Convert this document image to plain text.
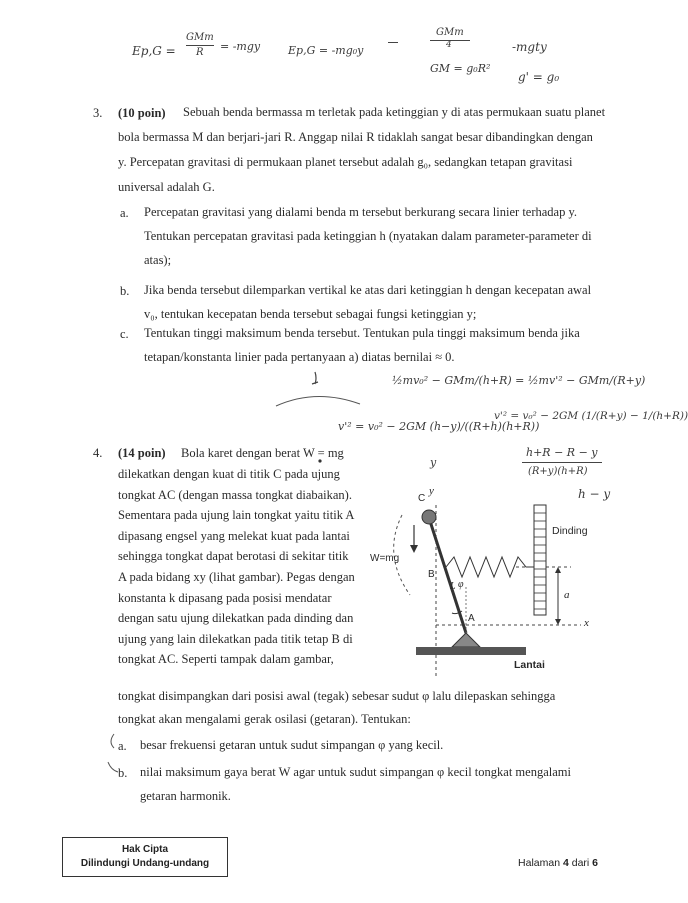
Ep,G =
GMm
R = -mgy	Ep,G = -mg₀y
GMm
4	-mgty
GM = g₀R²
g' = g₀
3. (10 poin) Sebuah benda bermassa m terletak pada ketinggian y di atas permukaan suatu planet
bola bermassa M dan berjari-jari R. Anggap nilai R tidaklah sangat besar dibandingkan dengan
y. Percepatan gravitasi di permukaan planet tersebut adalah g₀, sedangkan tetapan gravitasi
universal adalah G.
a. Percepatan gravitasi yang dialami benda m tersebut berkurang secara linier terhadap y.
Tentukan percepatan gravitasi pada ketinggian h (nyatakan dalam parameter-parameter di
atas);
b. Jika benda tersebut dilemparkan vertikal ke atas dari ketinggian h dengan kecepatan awal
v₀, tentukan kecepatan benda tersebut sebagai fungsi ketinggian y;
c. Tentukan tinggi maksimum benda tersebut. Tentukan pula tinggi maksimum benda jika
tetapan/konstanta linier pada pertanyaan a) diatas bernilai ≈ 0.
½mv₀² − GMm/(h+R) = ½mv'² − GMm/(R+y)
v'² = v₀² − 2GM (h−y)/((R+h)(h+R))
v'² = v₀² − 2GM (1/(R+y) − 1/(h+R))
h+R − R − y
(R+y)(h+R)
h − y
y
4. (14 poin) Bola karet dengan berat W = mg
dilekatkan dengan kuat di titik C pada ujung
tongkat AC (dengan massa tongkat diabaikan).
Sementara pada ujung lain tongkat yaitu titik A
dipasang engsel yang melekat kuat pada lantai
sehingga tongkat dapat berotasi di sekitar titik
A pada bidang xy (lihat gambar). Pegas dengan
konstanta k dipasang pada posisi mendatar
dengan satu ujung dilekatkan pada dinding dan
ujung yang lain dilekatkan pada titik tetap B di
tongkat AC. Seperti tampak dalam gambar,
tongkat disimpangkan dari posisi awal (tegak) sebesar sudut φ lalu dilepaskan sehingga
tongkat akan mengalami gerak osilasi (getaran). Tentukan:
a. besar frekuensi getaran untuk sudut simpangan φ yang kecil.
b. nilai maksimum gaya berat W agar untuk sudut simpangan φ kecil tongkat mengalami
getaran harmonik.
W=mg
C
B
A
L φ
a
x
y
Dinding
Lantai
Hak Cipta
Dilindungi Undang-undang	Halaman 4 dari 6
